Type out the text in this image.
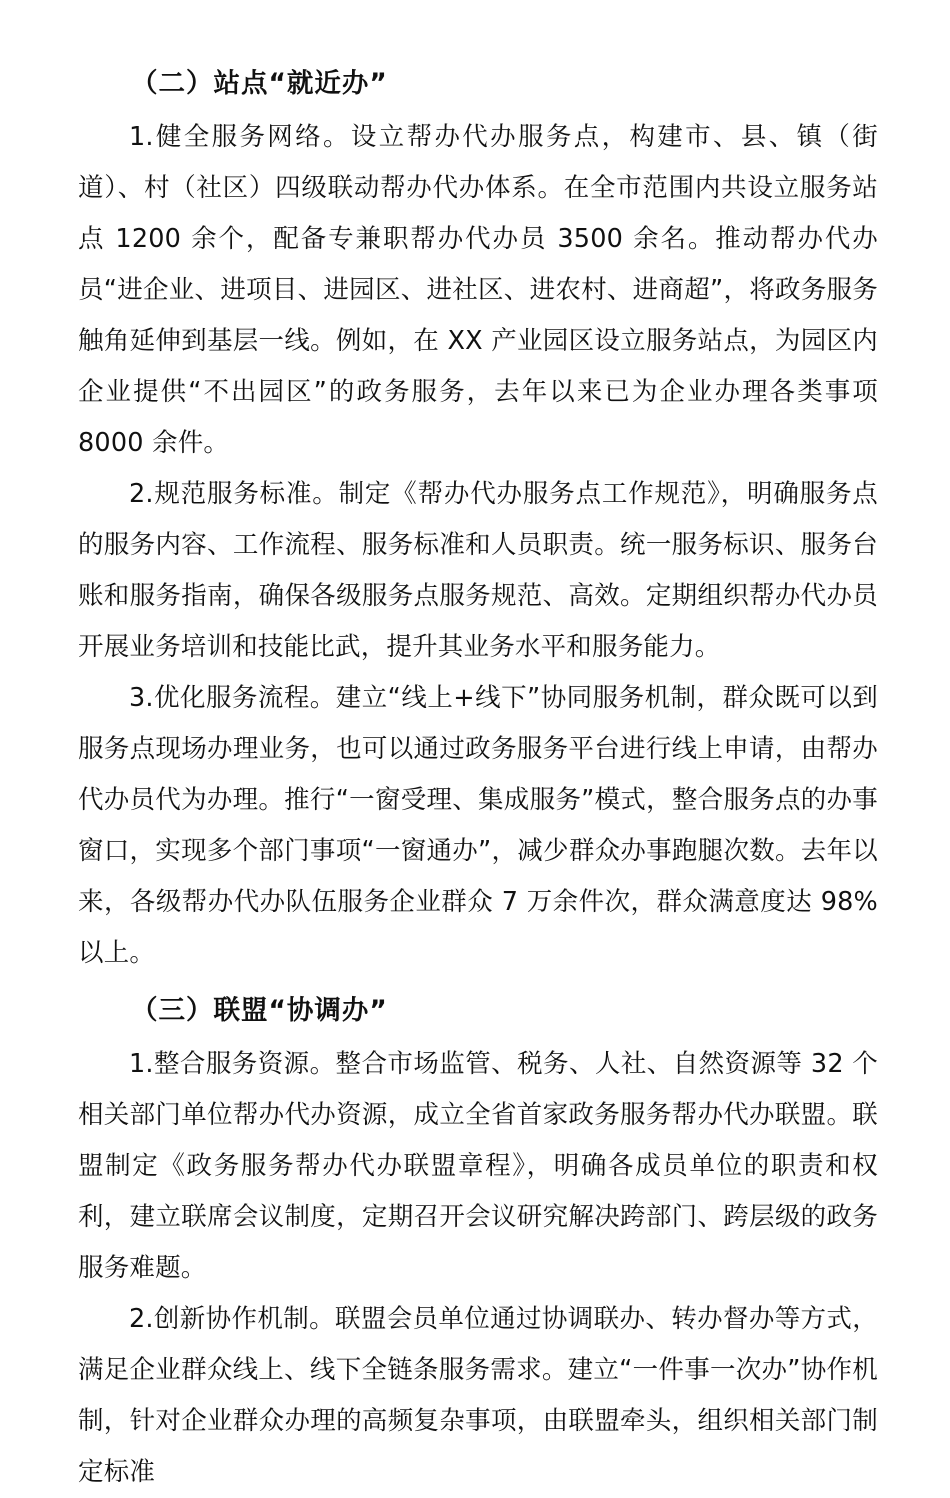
（二）站点“就近办”

1.健全服务网络。设立帮办代办服务点，构建市、县、镇（街道）、村（社区）四级联动帮办代办体系。在全市范围内共设立服务站点 1200 余个，配备专兼职帮办代办员 3500 余名。推动帮办代办员“进企业、进项目、进园区、进社区、进农村、进商超”，将政务服务触角延伸到基层一线。例如，在 XX 产业园区设立服务站点，为园区内企业提供“不出园区”的政务服务，去年以来已为企业办理各类事项 8000 余件。

2.规范服务标准。制定《帮办代办服务点工作规范》，明确服务点的服务内容、工作流程、服务标准和人员职责。统一服务标识、服务台账和服务指南，确保各级服务点服务规范、高效。定期组织帮办代办员开展业务培训和技能比武，提升其业务水平和服务能力。

3.优化服务流程。建立“线上+线下”协同服务机制，群众既可以到服务点现场办理业务，也可以通过政务服务平台进行线上申请，由帮办代办员代为办理。推行“一窗受理、集成服务”模式，整合服务点的办事窗口，实现多个部门事项“一窗通办”，减少群众办事跑腿次数。去年以来，各级帮办代办队伍服务企业群众 7 万余件次，群众满意度达 98%以上。

（三）联盟“协调办”

1.整合服务资源。整合市场监管、税务、人社、自然资源等 32 个相关部门单位帮办代办资源，成立全省首家政务服务帮办代办联盟。联盟制定《政务服务帮办代办联盟章程》，明确各成员单位的职责和权利，建立联席会议制度，定期召开会议研究解决跨部门、跨层级的政务服务难题。

2.创新协作机制。联盟会员单位通过协调联办、转办督办等方式，满足企业群众线上、线下全链条服务需求。建立“一件事一次办”协作机制，针对企业群众办理的高频复杂事项，由联盟牵头，组织相关部门制定标准
